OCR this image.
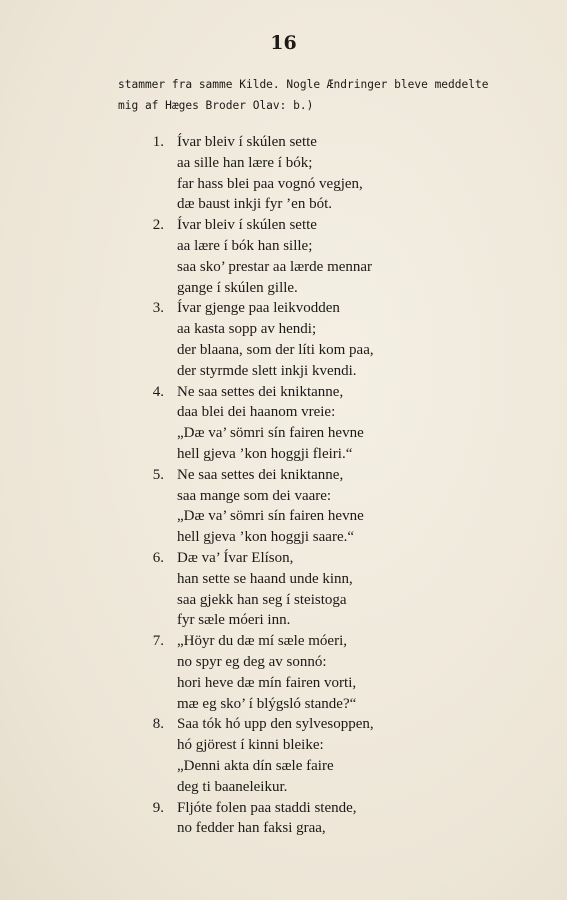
16
stammer fra samme Kilde. Nogle Ændringer bleve meddelte
mig af Hæges Broder Olav: b.)
1. Ívar bleiv í skúlen sette
aa sille han lære í bók;
far hass blei paa vognó vegjen,
dæ baust inkji fyr ’en bót.
2. Ívar bleiv í skúlen sette
aa lære í bók han sille;
saa sko’ prestar aa lærde mennar
gange í skúlen gille.
3. Ívar gjenge paa leikvodden
aa kasta sopp av hendi;
der blaana, som der líti kom paa,
der styrmde slett inkji kvendi.
4. Ne saa settes dei kniktanne,
daa blei dei haanom vreie:
„Dæ va’ sömri sín fairen hevne
hell gjeva ’kon hoggji fleiri.“
5. Ne saa settes dei kniktanne,
saa mange som dei vaare:
„Dæ va’ sömri sín fairen hevne
hell gjeva ’kon hoggji saare.“
6. Dæ va’ Ívar Elíson,
han sette se haand unde kinn,
saa gjekk han seg í steistoga
fyr sæle móeri inn.
7. „Höyr du dæ mí sæle móeri,
no spyr eg deg av sonnó:
hori heve dæ mín fairen vorti,
mæ eg sko’ í blýgsló stande?“
8. Saa tók hó upp den sylvesoppen,
hó gjörest í kinni bleike:
„Denni akta dín sæle faire
deg ti baaneleikur.
9. Fljóte folen paa staddi stende,
no fedder han faksi graa,
